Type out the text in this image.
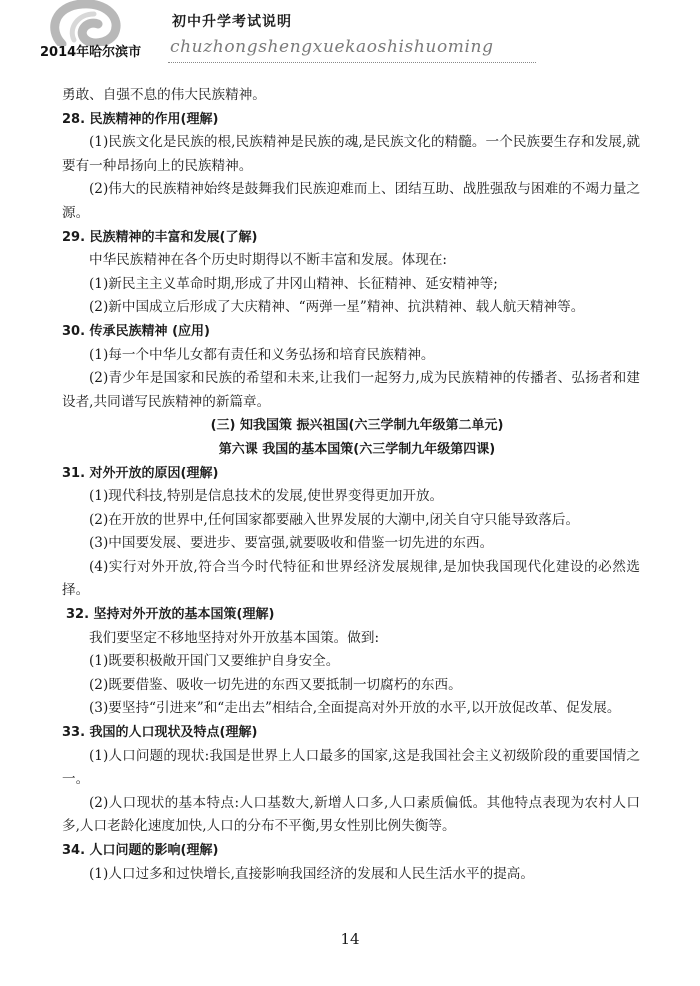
初中升学考试说明
2014年哈尔滨市 chuzhongshengxuekaoshishuoming
勇敢、自强不息的伟大民族精神。
28. 民族精神的作用(理解)
(1)民族文化是民族的根,民族精神是民族的魂,是民族文化的精髓。一个民族要生存和发展,就要有一种昂扬向上的民族精神。
(2)伟大的民族精神始终是鼓舞我们民族迎难而上、团结互助、战胜强敌与困难的不竭力量之源。
29. 民族精神的丰富和发展(了解)
中华民族精神在各个历史时期得以不断丰富和发展。体现在:
(1)新民主主义革命时期,形成了井冈山精神、长征精神、延安精神等;
(2)新中国成立后形成了大庆精神、“两弹一星”精神、抗洪精神、载人航天精神等。
30. 传承民族精神 (应用)
(1)每一个中华儿女都有责任和义务弘扬和培育民族精神。
(2)青少年是国家和民族的希望和未来,让我们一起努力,成为民族精神的传播者、弘扬者和建设者,共同谱写民族精神的新篇章。
(三) 知我国策 振兴祖国(六三学制九年级第二单元)
第六课 我国的基本国策(六三学制九年级第四课)
31. 对外开放的原因(理解)
(1)现代科技,特别是信息技术的发展,使世界变得更加开放。
(2)在开放的世界中,任何国家都要融入世界发展的大潮中,闭关自守只能导致落后。
(3)中国要发展、要进步、要富强,就要吸收和借鉴一切先进的东西。
(4)实行对外开放,符合当今时代特征和世界经济发展规律,是加快我国现代化建设的必然选择。
32. 坚持对外开放的基本国策(理解)
我们要坚定不移地坚持对外开放基本国策。做到:
(1)既要积极敞开国门又要维护自身安全。
(2)既要借鉴、吸收一切先进的东西又要抵制一切腐朽的东西。
(3)要坚持“引进来”和“走出去”相结合,全面提高对外开放的水平,以开放促改革、促发展。
33. 我国的人口现状及特点(理解)
(1)人口问题的现状:我国是世界上人口最多的国家,这是我国社会主义初级阶段的重要国情之一。
(2)人口现状的基本特点:人口基数大,新增人口多,人口素质偏低。其他特点表现为农村人口多,人口老龄化速度加快,人口的分布不平衡,男女性别比例失衡等。
34. 人口问题的影响(理解)
(1)人口过多和过快增长,直接影响我国经济的发展和人民生活水平的提高。
14
